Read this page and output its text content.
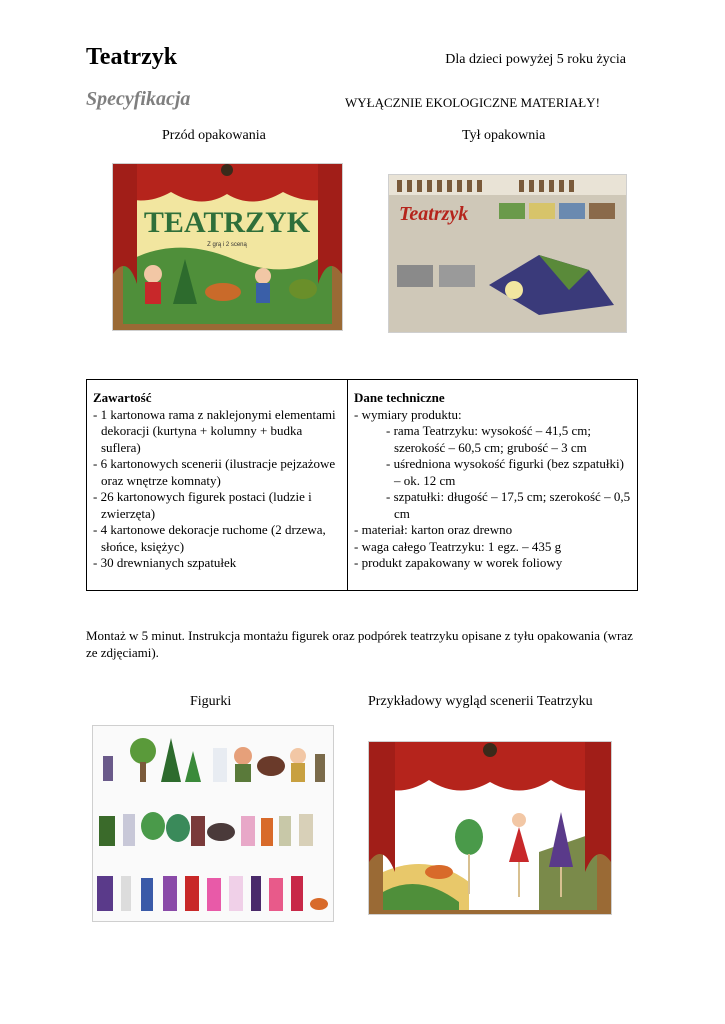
Teatrzyk	Dla dzieci powyżej 5 roku życia
Specyfikacja	WYŁĄCZNIE EKOLOGICZNE MATERIAŁY!
Przód opakowania	Tył opakownia
TEATRZYK
Z grą i 2 sceną
Teatrzyk
Zawartość
- 1 kartonowa rama z naklejonymi elementami dekoracji (kurtyna + kolumny + budka suflera)
- 6 kartonowych scenerii (ilustracje pejzażowe oraz wnętrze komnaty)
- 26 kartonowych figurek postaci (ludzie i zwierzęta)
- 4 kartonowe dekoracje ruchome (2 drzewa, słońce, księżyc)
- 30 drewnianych szpatułek
Dane techniczne
- wymiary produktu:
- rama Teatrzyku: wysokość – 41,5 cm; szerokość – 60,5 cm; grubość – 3 cm
- uśredniona wysokość figurki (bez szpatułki) – ok. 12 cm
- szpatułki: długość – 17,5 cm; szerokość – 0,5 cm
- materiał: karton oraz drewno
- waga całego Teatrzyku: 1 egz. – 435 g
- produkt zapakowany w worek foliowy
Montaż w 5 minut. Instrukcja montażu figurek oraz podpórek teatrzyku opisane z tyłu opakowania (wraz ze zdjęciami).
Figurki	Przykładowy wygląd scenerii Teatrzyku
